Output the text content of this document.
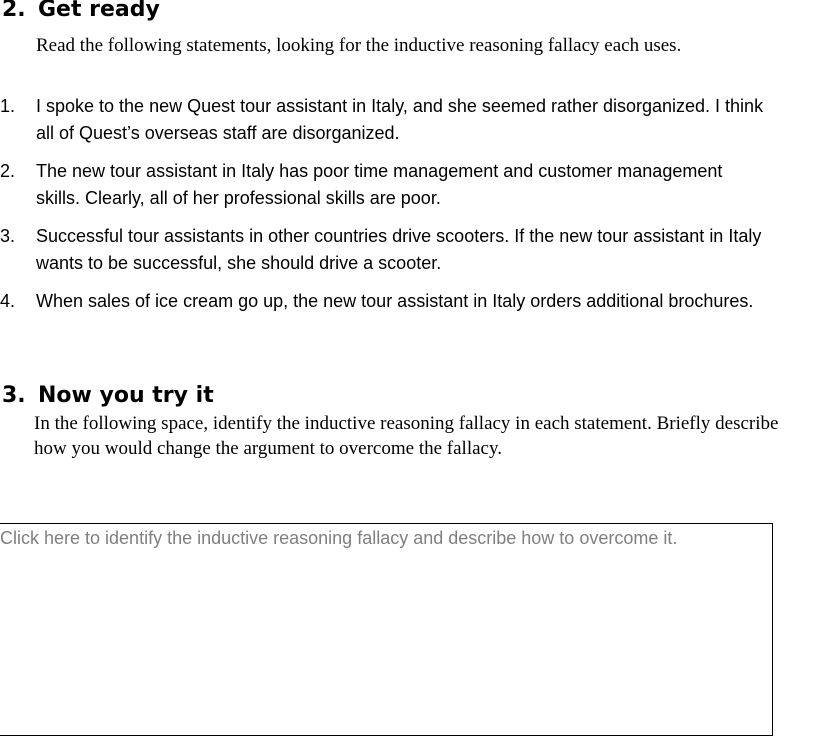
2. Get ready

Read the following statements, looking for the inductive reasoning fallacy each uses.

1. I spoke to the new Quest tour assistant in Italy, and she seemed rather disorganized. I think all of Quest’s overseas staff are disorganized.
2. The new tour assistant in Italy has poor time management and customer management skills. Clearly, all of her professional skills are poor.
3. Successful tour assistants in other countries drive scooters. If the new tour assistant in Italy wants to be successful, she should drive a scooter.
4. When sales of ice cream go up, the new tour assistant in Italy orders additional brochures.
3. Now you try it

In the following space, identify the inductive reasoning fallacy in each statement. Briefly describe how you would change the argument to overcome the fallacy.

Click here to identify the inductive reasoning fallacy and describe how to overcome it.
